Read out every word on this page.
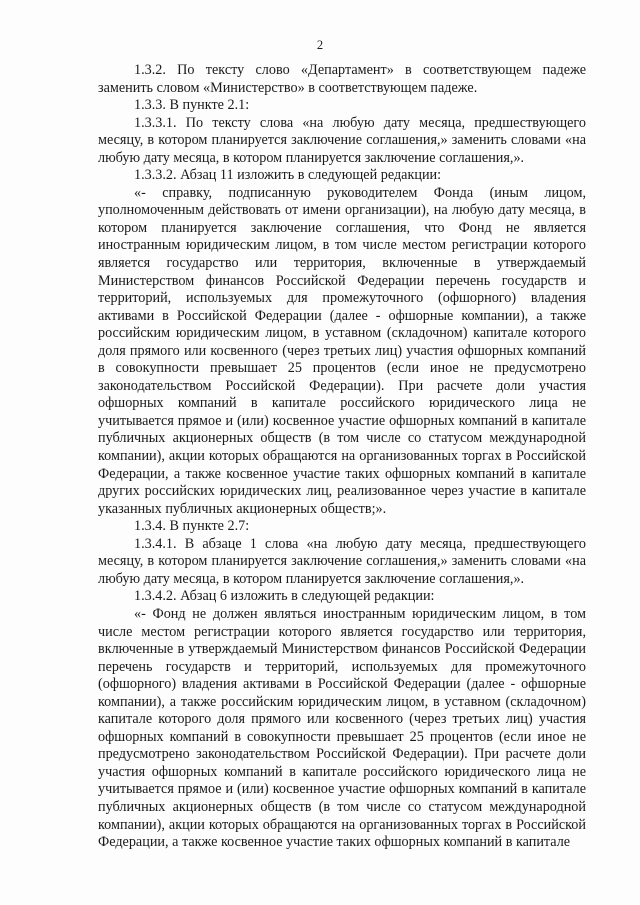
2

1.3.2. По тексту слово «Департамент» в соответствующем падеже заменить словом «Министерство» в соответствующем падеже.

1.3.3. В пункте 2.1:

1.3.3.1. По тексту слова «на любую дату месяца, предшествующего месяцу, в котором планируется заключение соглашения,» заменить словами «на любую дату месяца, в котором планируется заключение соглашения,».

1.3.3.2. Абзац 11 изложить в следующей редакции:

«- справку, подписанную руководителем Фонда (иным лицом, уполномоченным действовать от имени организации), на любую дату месяца, в котором планируется заключение соглашения, что Фонд не является иностранным юридическим лицом, в том числе местом регистрации которого является государство или территория, включенные в утверждаемый Министерством финансов Российской Федерации перечень государств и территорий, используемых для промежуточного (офшорного) владения активами в Российской Федерации (далее - офшорные компании), а также российским юридическим лицом, в уставном (складочном) капитале которого доля прямого или косвенного (через третьих лиц) участия офшорных компаний в совокупности превышает 25 процентов (если иное не предусмотрено законодательством Российской Федерации). При расчете доли участия офшорных компаний в капитале российского юридического лица не учитывается прямое и (или) косвенное участие офшорных компаний в капитале публичных акционерных обществ (в том числе со статусом международной компании), акции которых обращаются на организованных торгах в Российской Федерации, а также косвенное участие таких офшорных компаний в капитале других российских юридических лиц, реализованное через участие в капитале указанных публичных акционерных обществ;».

1.3.4. В пункте 2.7:

1.3.4.1. В абзаце 1 слова «на любую дату месяца, предшествующего месяцу, в котором планируется заключение соглашения,» заменить словами «на любую дату месяца, в котором планируется заключение соглашения,».

1.3.4.2. Абзац 6 изложить в следующей редакции:

«- Фонд не должен являться иностранным юридическим лицом, в том числе местом регистрации которого является государство или территория, включенные в утверждаемый Министерством финансов Российской Федерации перечень государств и территорий, используемых для промежуточного (офшорного) владения активами в Российской Федерации (далее - офшорные компании), а также российским юридическим лицом, в уставном (складочном) капитале которого доля прямого или косвенного (через третьих лиц) участия офшорных компаний в совокупности превышает 25 процентов (если иное не предусмотрено законодательством Российской Федерации). При расчете доли участия офшорных компаний в капитале российского юридического лица не учитывается прямое и (или) косвенное участие офшорных компаний в капитале публичных акционерных обществ (в том числе со статусом международной компании), акции которых обращаются на организованных торгах в Российской Федерации, а также косвенное участие таких офшорных компаний в капитале
